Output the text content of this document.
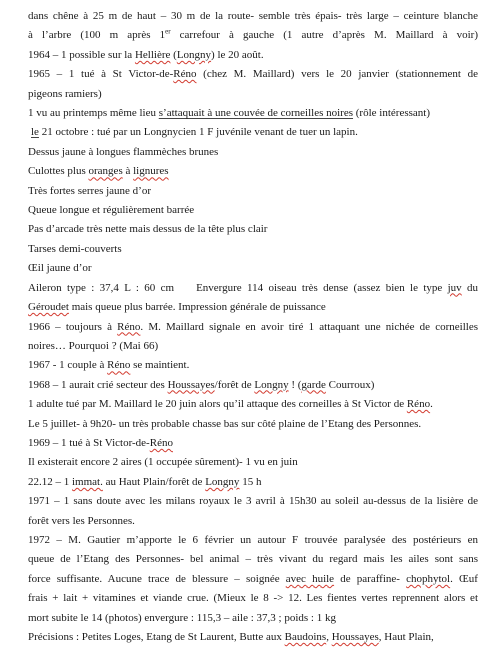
dans chêne à 25 m de haut – 30 m de la route- semble très épais- très large – ceinture blanche
à l’arbre (100 m après 1er carrefour à gauche (1 autre d’après M. Maillard à voir)
1964 – 1 possible sur la Hellière (Longny) le 20 août.
1965 – 1 tué à St Victor-de-Réno (chez M. Maillard) vers le 20 janvier (stationnement de
pigeons ramiers)
1 vu au printemps même lieu s’attaquait à une couvée de corneilles noires (rôle intéressant)
le 21 octobre : tué par un Longnycien 1 F juvénile venant de tuer un lapin.
Dessus jaune à longues flammèches brunes
Culottes plus oranges à lignures
Très fortes serres jaune d’or
Queue longue et régulièrement barrée
Pas d’arcade très nette mais dessus de la tête plus clair
Tarses demi-couverts
Œil jaune d’or
Aileron type : 37,4 L : 60 cm Envergure 114 oiseau très dense (assez bien le type juv du
Géroudet mais queue plus barrée. Impression générale de puissance
1966 – toujours à Réno. M. Maillard signale en avoir tiré 1 attaquant une nichée de corneilles
noires… Pourquoi ? (Mai 66)
1967 - 1 couple à Réno se maintient.
1968 – 1 aurait crié secteur des Houssayes/forêt de Longny ! (garde Courroux)
1 adulte tué par M. Maillard le 20 juin alors qu’il attaque des corneilles à St Victor de Réno.
Le 5 juillet- à 9h20- un très probable chasse bas sur côté plaine de l’Etang des Personnes.
1969 – 1 tué à St Victor-de-Réno
Il existerait encore 2 aires (1 occupée sûrement)- 1 vu en juin
22.12 – 1 immat. au Haut Plain/forêt de Longny 15 h
1971 – 1 sans doute avec les milans royaux le 3 avril à 15h30 au soleil au-dessus de la lisière de
forêt vers les Personnes.
1972 – M. Gautier m’apporte le 6 février un autour F trouvée paralysée des postérieurs en
queue de l’Etang des Personnes- bel animal – très vivant du regard mais les ailes sont sans
force suffisante. Aucune trace de blessure – soignée avec huile de paraffine- chophytol. Œuf
frais + lait + vitamines et viande crue. (Mieux le 8 -> 12. Les fientes vertes reprennent alors et
mort subite le 14 (photos) envergure : 115,3 – aile : 37,3 ; poids : 1 kg
Précisions : Petites Loges, Etang de St Laurent, Butte aux Baudoins, Houssayes, Haut Plain,
